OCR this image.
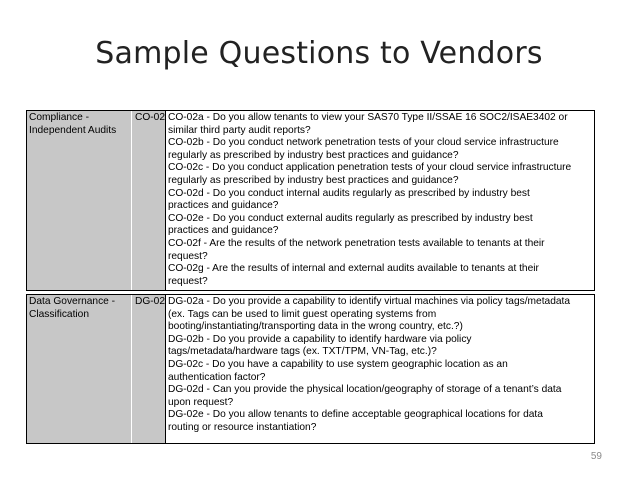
Sample Questions to Vendors
Compliance -
Independent Audits
CO-02 CO-02a - Do you allow tenants to view your SAS70 Type II/SSAE 16 SOC2/ISAE3402 or
similar third party audit reports?
CO-02b - Do you conduct network penetration tests of your cloud service infrastructure
regularly as prescribed by industry best practices and guidance?
CO-02c - Do you conduct application penetration tests of your cloud service infrastructure
regularly as prescribed by industry best practices and guidance?
CO-02d - Do you conduct internal audits regularly as prescribed by industry best
practices and guidance?
CO-02e - Do you conduct external audits regularly as prescribed by industry best
practices and guidance?
CO-02f - Are the results of the network penetration tests available to tenants at their
request?
CO-02g - Are the results of internal and external audits available to tenants at their
request?
Data Governance -
Classification
DG-02 DG-02a - Do you provide a capability to identify virtual machines via policy tags/metadata
(ex. Tags can be used to limit guest operating systems from
booting/instantiating/transporting data in the wrong country, etc.?)
DG-02b - Do you provide a capability to identify hardware via policy
tags/metadata/hardware tags (ex. TXT/TPM, VN-Tag, etc.)?
DG-02c - Do you have a capability to use system geographic location as an
authentication factor?
DG-02d - Can you provide the physical location/geography of storage of a tenant’s data
upon request?
DG-02e - Do you allow tenants to define acceptable geographical locations for data
routing or resource instantiation?
59
